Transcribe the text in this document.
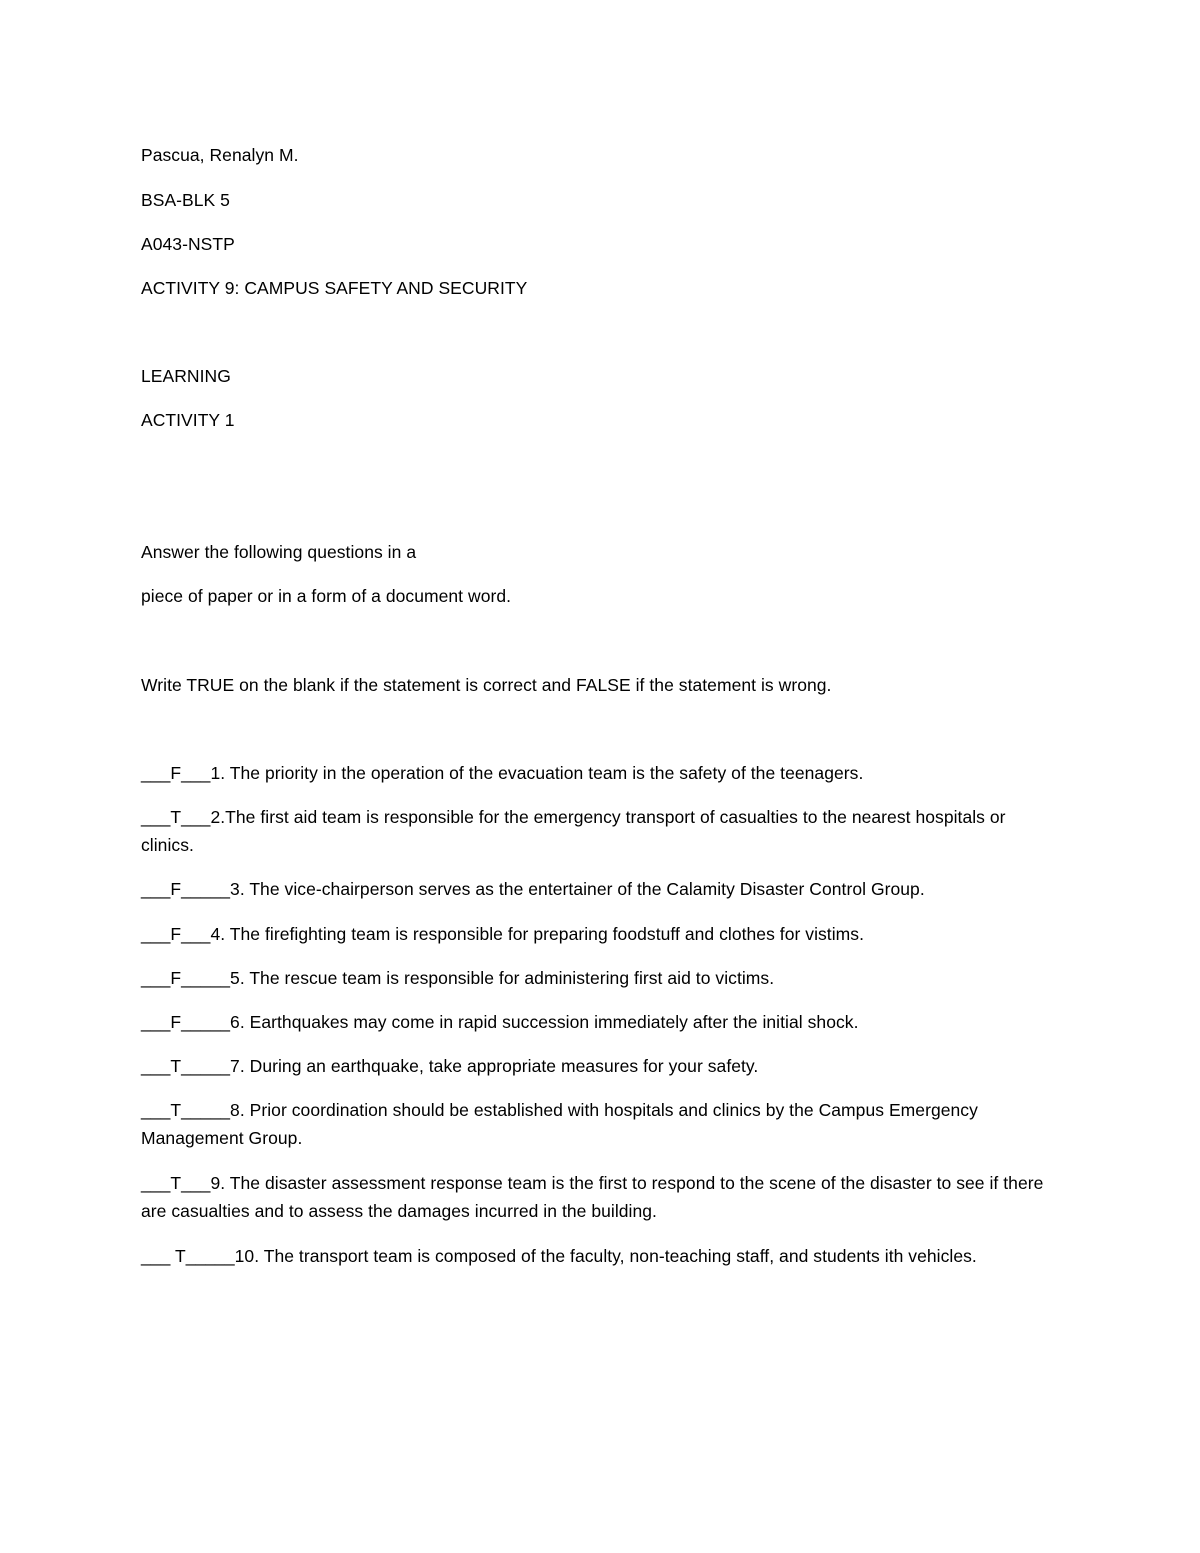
Pascua, Renalyn M.
BSA-BLK 5
A043-NSTP
ACTIVITY 9: CAMPUS SAFETY AND SECURITY
LEARNING
ACTIVITY 1
Answer the following questions in a
piece of paper or in a form of a document word.
Write TRUE on the blank if the statement is correct and FALSE if the statement is wrong.
___F___1. The priority in the operation of the evacuation team is the safety of the teenagers.
___T___2.The first aid team is responsible for the emergency transport of casualties to the nearest hospitals or clinics.
___F_____3. The vice-chairperson serves as the entertainer of the Calamity Disaster Control Group.
___F___4. The firefighting team is responsible for preparing foodstuff and clothes for vistims.
___F_____5. The rescue team is responsible for administering first aid to victims.
___F_____6. Earthquakes may come in rapid succession immediately after the initial shock.
___T_____7. During an earthquake, take appropriate measures for your safety.
___T_____8. Prior coordination should be established with hospitals and clinics by the Campus Emergency Management Group.
___T___9. The disaster assessment response team is the first to respond to the scene of the disaster to see if there are casualties and to assess the damages incurred in the building.
___ T_____10. The transport team is composed of the faculty, non-teaching staff, and students ith vehicles.
